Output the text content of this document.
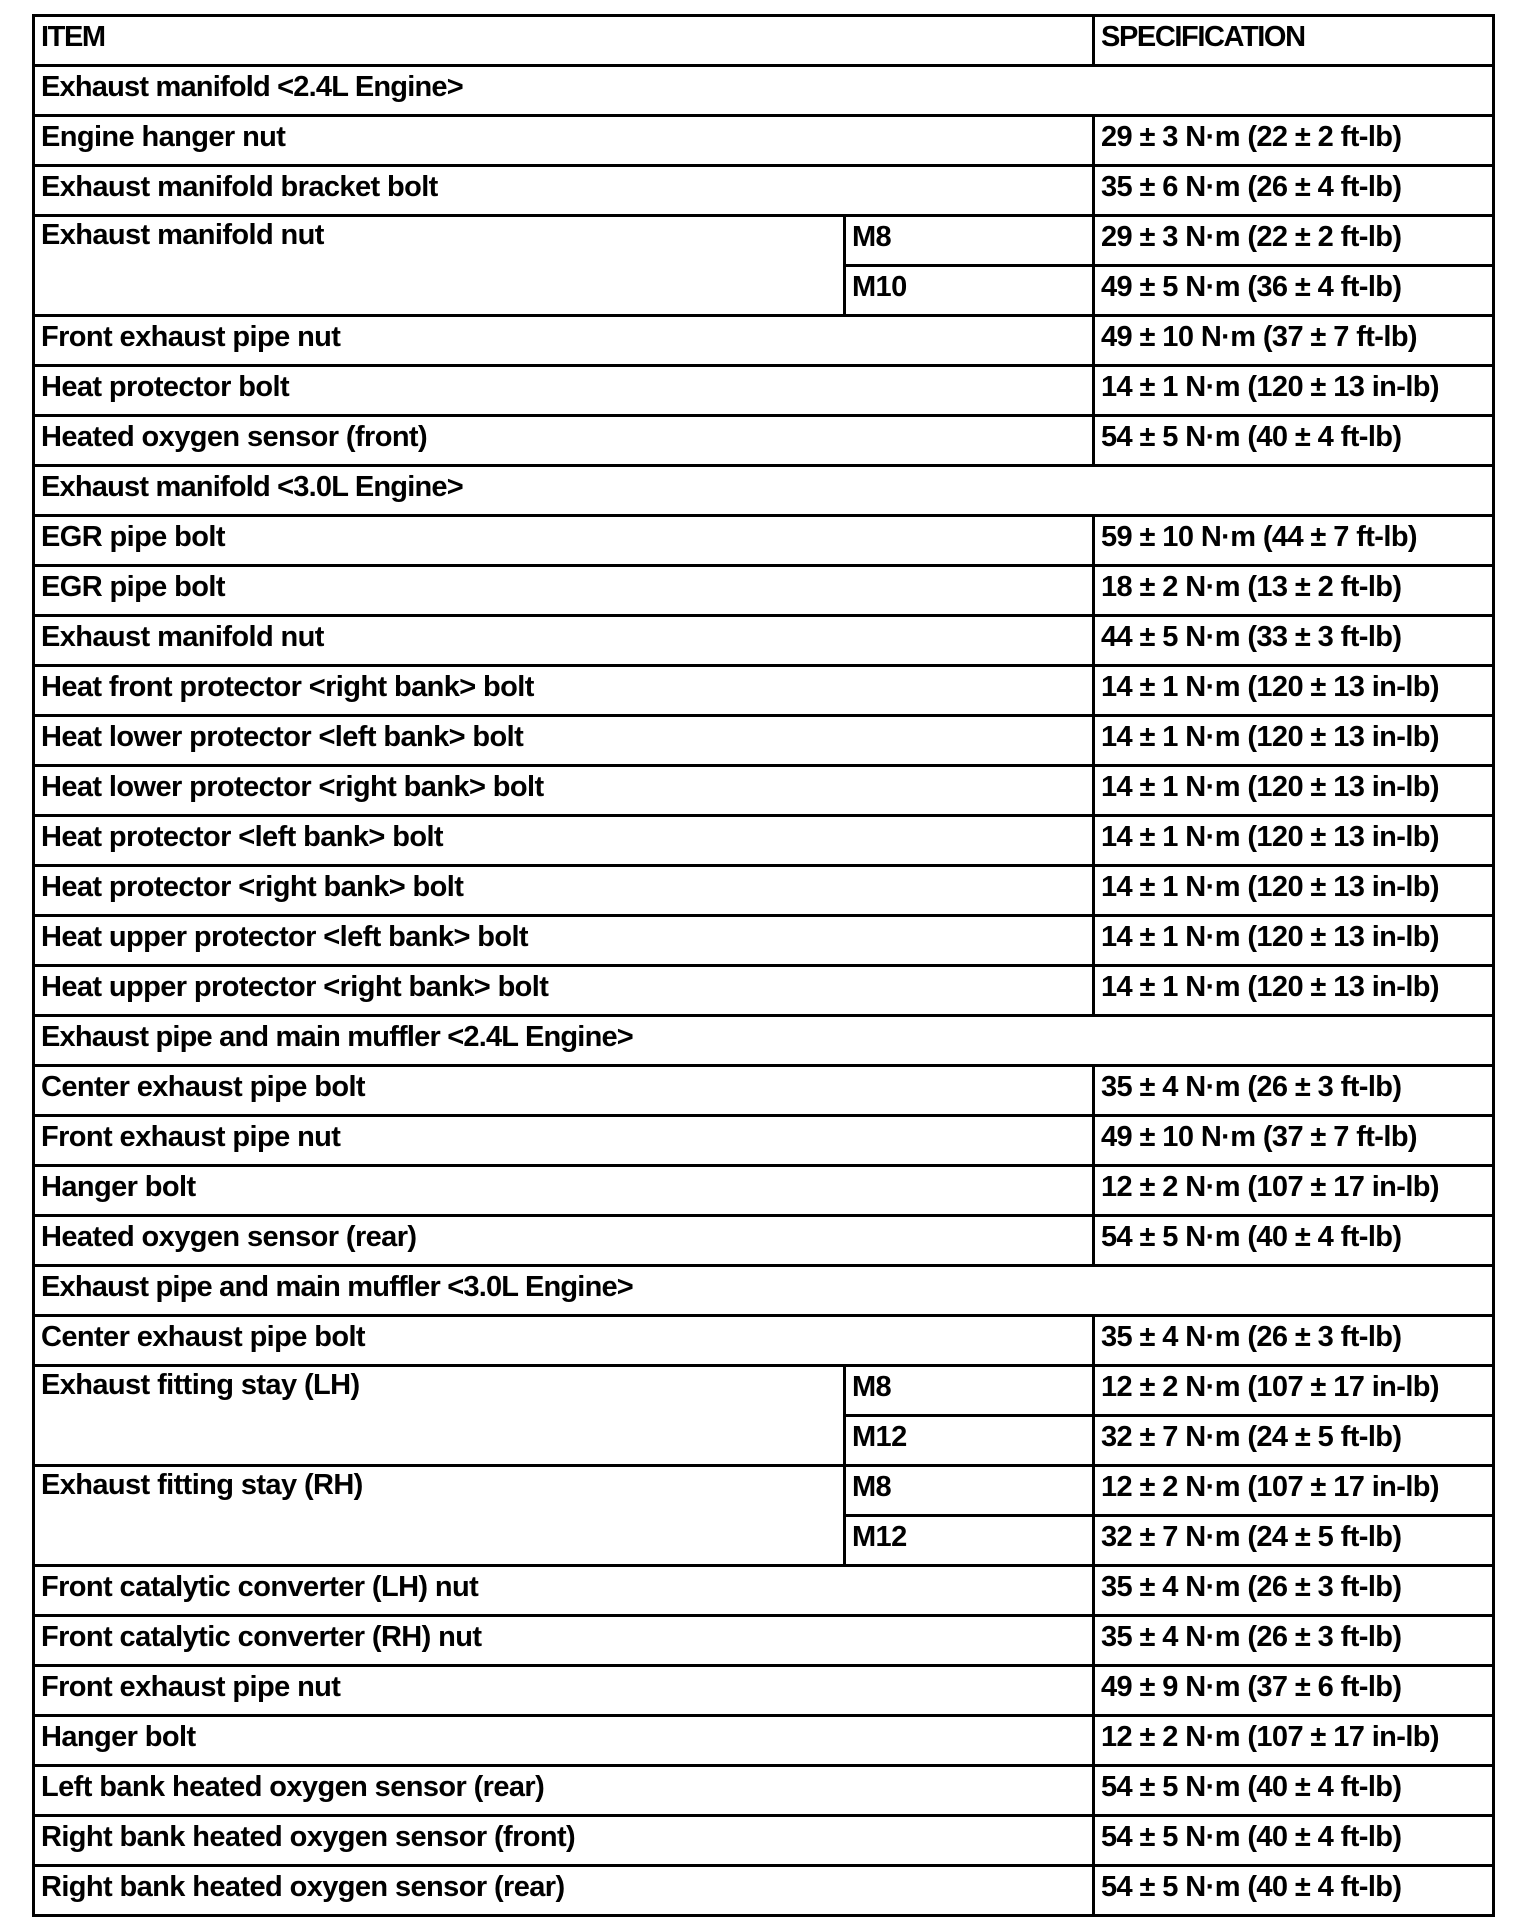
ITEM		SPECIFICATION
Exhaust manifold <2.4L Engine>		
Engine hanger nut		29 ± 3 N·m (22 ± 2 ft-lb)
Exhaust manifold bracket bolt		35 ± 6 N·m (26 ± 4 ft-lb)
Exhaust manifold nut	M8	29 ± 3 N·m (22 ± 2 ft-lb)
	M10	49 ± 5 N·m (36 ± 4 ft-lb)
Front exhaust pipe nut		49 ± 10 N·m (37 ± 7 ft-lb)
Heat protector bolt		14 ± 1 N·m (120 ± 13 in-lb)
Heated oxygen sensor (front)		54 ± 5 N·m (40 ± 4 ft-lb)
Exhaust manifold <3.0L Engine>		
EGR pipe bolt		59 ± 10 N·m (44 ± 7 ft-lb)
EGR pipe bolt		18 ± 2 N·m (13 ± 2 ft-lb)
Exhaust manifold nut		44 ± 5 N·m (33 ± 3 ft-lb)
Heat front protector <right bank> bolt		14 ± 1 N·m (120 ± 13 in-lb)
Heat lower protector <left bank> bolt		14 ± 1 N·m (120 ± 13 in-lb)
Heat lower protector <right bank> bolt		14 ± 1 N·m (120 ± 13 in-lb)
Heat protector <left bank> bolt		14 ± 1 N·m (120 ± 13 in-lb)
Heat protector <right bank> bolt		14 ± 1 N·m (120 ± 13 in-lb)
Heat upper protector <left bank> bolt		14 ± 1 N·m (120 ± 13 in-lb)
Heat upper protector <right bank> bolt		14 ± 1 N·m (120 ± 13 in-lb)
Exhaust pipe and main muffler <2.4L Engine>		
Center exhaust pipe bolt		35 ± 4 N·m (26 ± 3 ft-lb)
Front exhaust pipe nut		49 ± 10 N·m (37 ± 7 ft-lb)
Hanger bolt		12 ± 2 N·m (107 ± 17 in-lb)
Heated oxygen sensor (rear)		54 ± 5 N·m (40 ± 4 ft-lb)
Exhaust pipe and main muffler <3.0L Engine>		
Center exhaust pipe bolt		35 ± 4 N·m (26 ± 3 ft-lb)
Exhaust fitting stay (LH)	M8	12 ± 2 N·m (107 ± 17 in-lb)
	M12	32 ± 7 N·m (24 ± 5 ft-lb)
Exhaust fitting stay (RH)	M8	12 ± 2 N·m (107 ± 17 in-lb)
	M12	32 ± 7 N·m (24 ± 5 ft-lb)
Front catalytic converter (LH) nut		35 ± 4 N·m (26 ± 3 ft-lb)
Front catalytic converter (RH) nut		35 ± 4 N·m (26 ± 3 ft-lb)
Front exhaust pipe nut		49 ± 9 N·m (37 ± 6 ft-lb)
Hanger bolt		12 ± 2 N·m (107 ± 17 in-lb)
Left bank heated oxygen sensor (rear)		54 ± 5 N·m (40 ± 4 ft-lb)
Right bank heated oxygen sensor (front)		54 ± 5 N·m (40 ± 4 ft-lb)
Right bank heated oxygen sensor (rear)		54 ± 5 N·m (40 ± 4 ft-lb)
